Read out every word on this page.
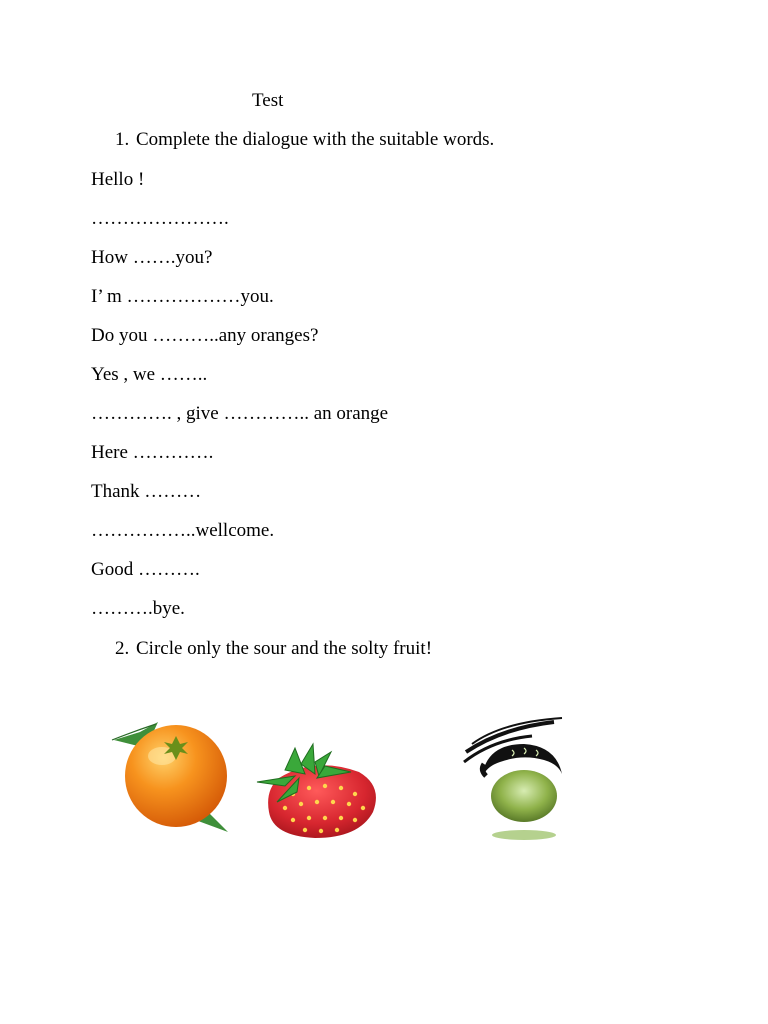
Test
1. Complete the dialogue with the suitable words.
Hello !
………………….
How …….you?
I’ m ………………you.
Do you ………..any oranges?
Yes , we ……..
…………. , give ………….. an orange
Here ………….
Thank ………
……………..wellcome.
Good ……….
……….bye.
2. Circle only the sour and the solty fruit!
